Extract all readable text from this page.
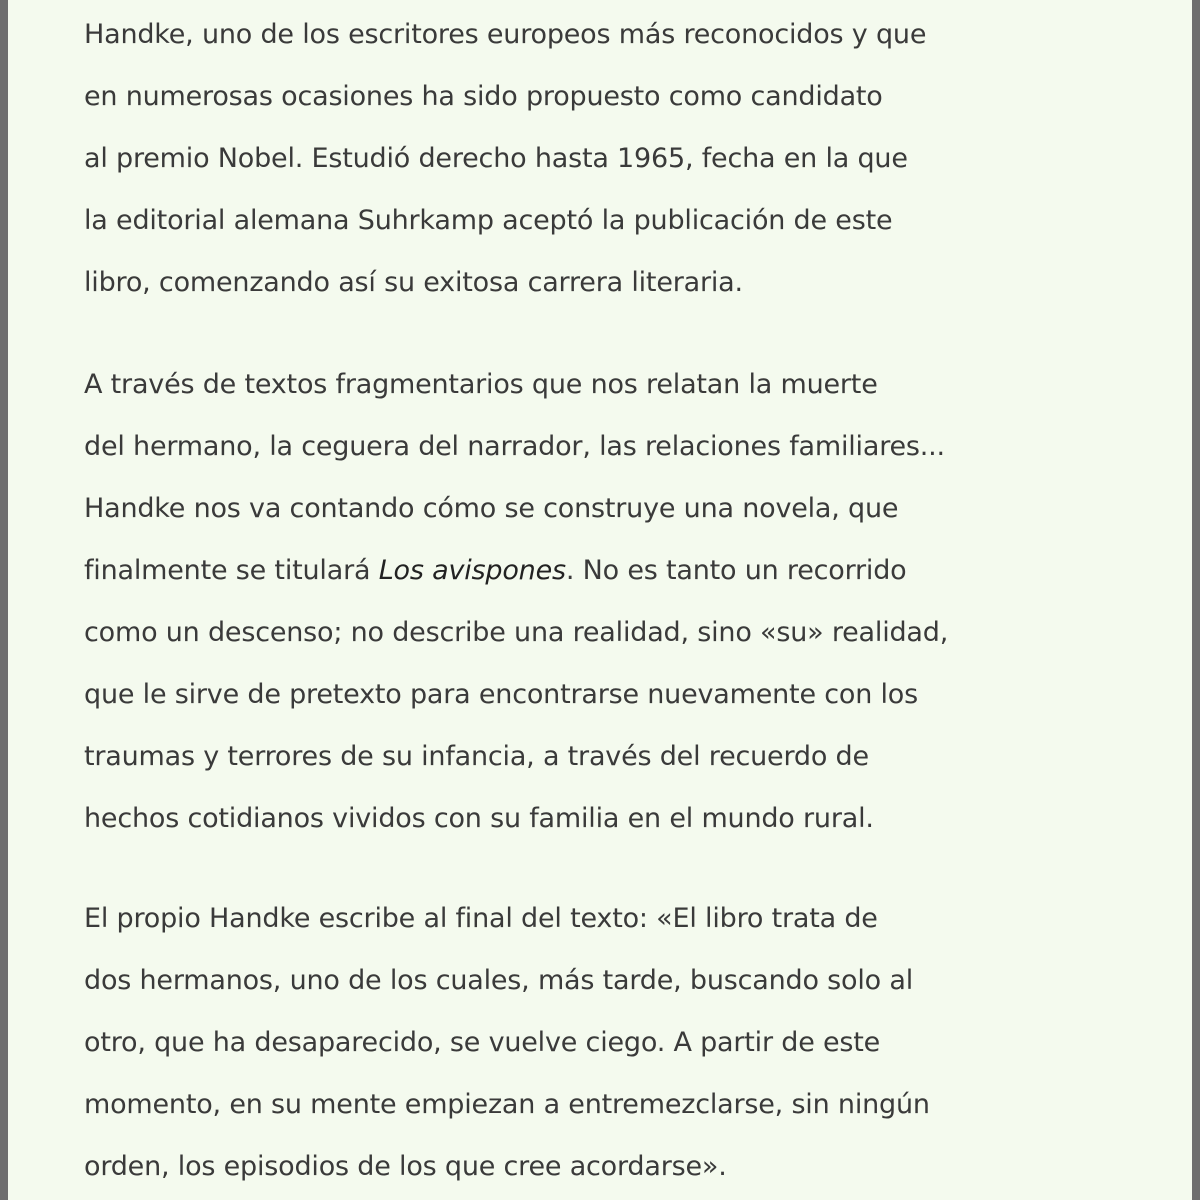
Handke, uno de los escritores europeos más reconocidos y que
en numerosas ocasiones ha sido propuesto como candidato
al premio Nobel. Estudió derecho hasta 1965, fecha en la que
la editorial alemana Suhrkamp aceptó la publicación de este
libro, comenzando así su exitosa carrera literaria.
A través de textos fragmentarios que nos relatan la muerte
del hermano, la ceguera del narrador, las relaciones familiares...
Handke nos va contando cómo se construye una novela, que
finalmente se titulará Los avispones. No es tanto un recorrido
como un descenso; no describe una realidad, sino «su» realidad,
que le sirve de pretexto para encontrarse nuevamente con los
traumas y terrores de su infancia, a través del recuerdo de
hechos cotidianos vividos con su familia en el mundo rural.
El propio Handke escribe al final del texto: «El libro trata de
dos hermanos, uno de los cuales, más tarde, buscando solo al
otro, que ha desaparecido, se vuelve ciego. A partir de este
momento, en su mente empiezan a entremezclarse, sin ningún
orden, los episodios de los que cree acordarse».
